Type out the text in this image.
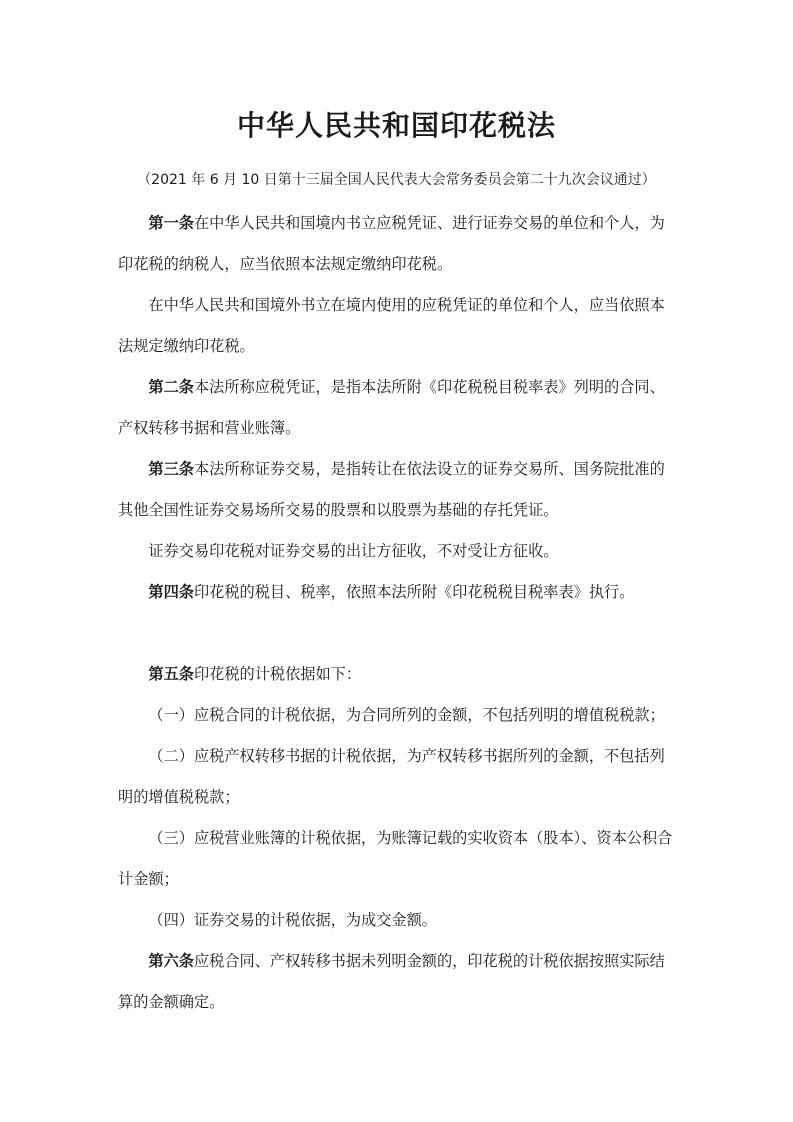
中华人民共和国印花税法

（2021 年 6 月 10 日第十三届全国人民代表大会常务委员会第二十九次会议通过）

第一条在中华人民共和国境内书立应税凭证、进行证券交易的单位和个人，为印花税的纳税人，应当依照本法规定缴纳印花税。

在中华人民共和国境外书立在境内使用的应税凭证的单位和个人，应当依照本法规定缴纳印花税。

第二条本法所称应税凭证，是指本法所附《印花税税目税率表》列明的合同、产权转移书据和营业账簿。

第三条本法所称证券交易，是指转让在依法设立的证券交易所、国务院批准的其他全国性证券交易场所交易的股票和以股票为基础的存托凭证。

证券交易印花税对证券交易的出让方征收，不对受让方征收。

第四条印花税的税目、税率，依照本法所附《印花税税目税率表》执行。

第五条印花税的计税依据如下：

（一）应税合同的计税依据，为合同所列的金额，不包括列明的增值税税款；

（二）应税产权转移书据的计税依据，为产权转移书据所列的金额，不包括列明的增值税税款；

（三）应税营业账簿的计税依据，为账簿记载的实收资本（股本）、资本公积合计金额；

（四）证券交易的计税依据，为成交金额。

第六条应税合同、产权转移书据未列明金额的，印花税的计税依据按照实际结算的金额确定。
